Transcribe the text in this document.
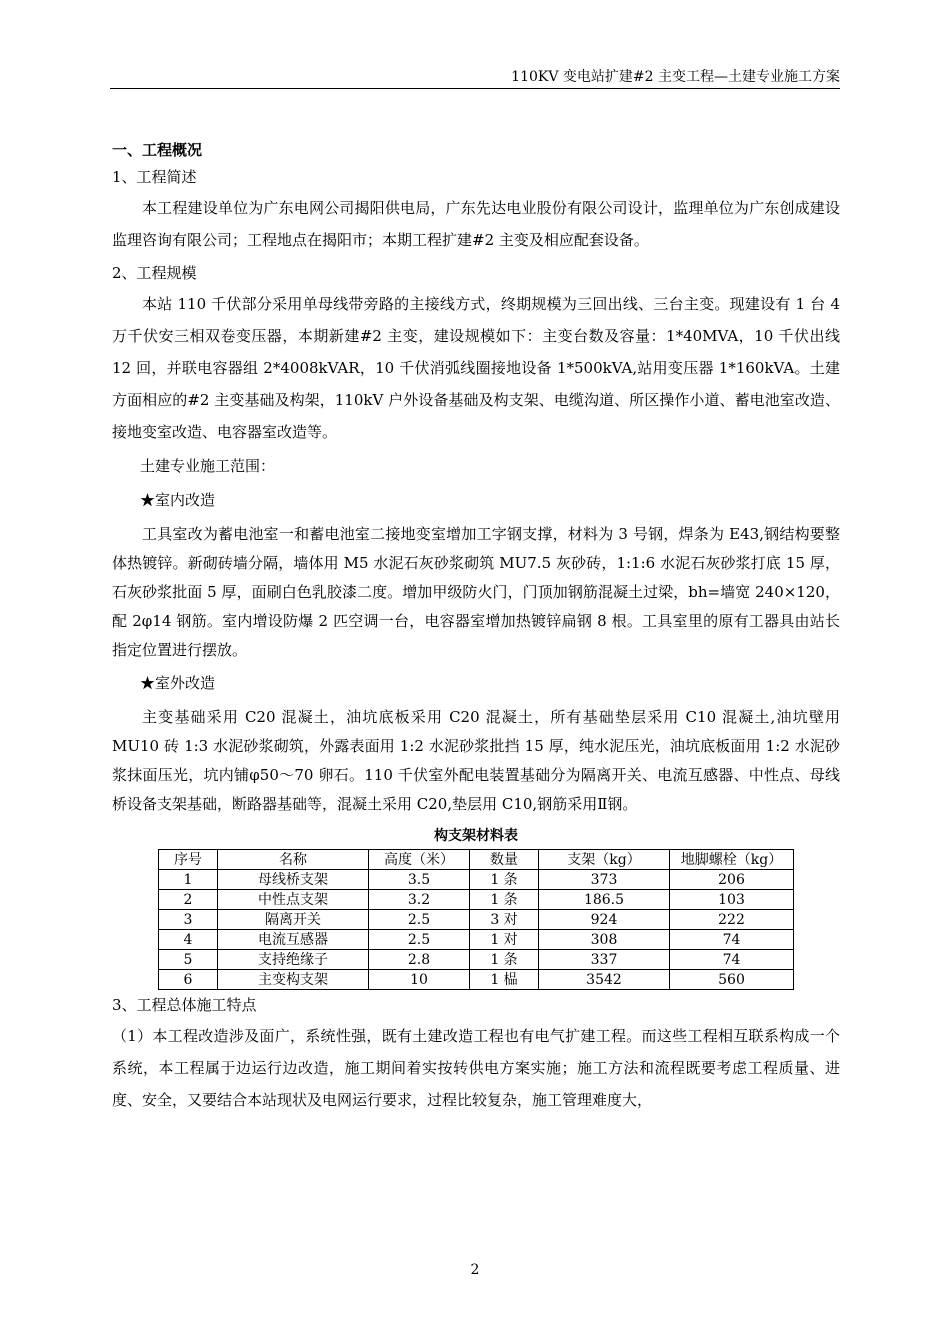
110KV 变电站扩建#2 主变工程—土建专业施工方案
一、工程概况
1、工程简述
本工程建设单位为广东电网公司揭阳供电局，广东先达电业股份有限公司设计，监理单位为广东创成建设监理咨询有限公司；工程地点在揭阳市；本期工程扩建#2 主变及相应配套设备。
2、工程规模
本站 110 千伏部分采用单母线带旁路的主接线方式，终期规模为三回出线、三台主变。现建设有 1 台 4 万千伏安三相双卷变压器，本期新建#2 主变，建设规模如下：主变台数及容量：1*40MVA，10 千伏出线 12 回，并联电容器组 2*4008kVAR，10 千伏消弧线圈接地设备 1*500kVA,站用变压器 1*160kVA。土建方面相应的#2 主变基础及构架，110kV 户外设备基础及构支架、电缆沟道、所区操作小道、蓄电池室改造、接地变室改造、电容器室改造等。
土建专业施工范围：
★室内改造
工具室改为蓄电池室一和蓄电池室二接地变室增加工字钢支撑，材料为 3 号钢，焊条为 E43,钢结构要整体热镀锌。新砌砖墙分隔，墙体用 M5 水泥石灰砂浆砌筑 MU7.5 灰砂砖，1:1:6 水泥石灰砂浆打底 15 厚，石灰砂浆批面 5 厚，面刷白色乳胶漆二度。增加甲级防火门，门顶加钢筋混凝土过梁，bh=墙宽 240×120，配 2φ14 钢筋。室内增设防爆 2 匹空调一台，电容器室增加热镀锌扁钢 8 根。工具室里的原有工器具由站长指定位置进行摆放。
★室外改造
主变基础采用 C20 混凝土，油坑底板采用 C20 混凝土，所有基础垫层采用 C10 混凝土,油坑壁用 MU10 砖 1:3 水泥砂浆砌筑，外露表面用 1:2 水泥砂浆批挡 15 厚，纯水泥压光，油坑底板面用 1:2 水泥砂浆抹面压光，坑内铺φ50～70 卵石。110 千伏室外配电装置基础分为隔离开关、电流互感器、中性点、母线桥设备支架基础，断路器基础等，混凝土采用 C20,垫层用 C10,钢筋采用Ⅱ钢。
构支架材料表
序号	名称	高度（米）	数量	支架（kg）	地脚螺栓（kg）
1	母线桥支架	3.5	1 条	373	206
2	中性点支架	3.2	1 条	186.5	103
3	隔离开关	2.5	3 对	924	222
4	电流互感器	2.5	1 对	308	74
5	支持绝缘子	2.8	1 条	337	74
6	主变构支架	10	1 榀	3542	560
3、工程总体施工特点
（1）本工程改造涉及面广，系统性强，既有土建改造工程也有电气扩建工程。而这些工程相互联系构成一个系统，本工程属于边运行边改造，施工期间着实按转供电方案实施；施工方法和流程既要考虑工程质量、进度、安全，又要结合本站现状及电网运行要求，过程比较复杂，施工管理难度大，
2
